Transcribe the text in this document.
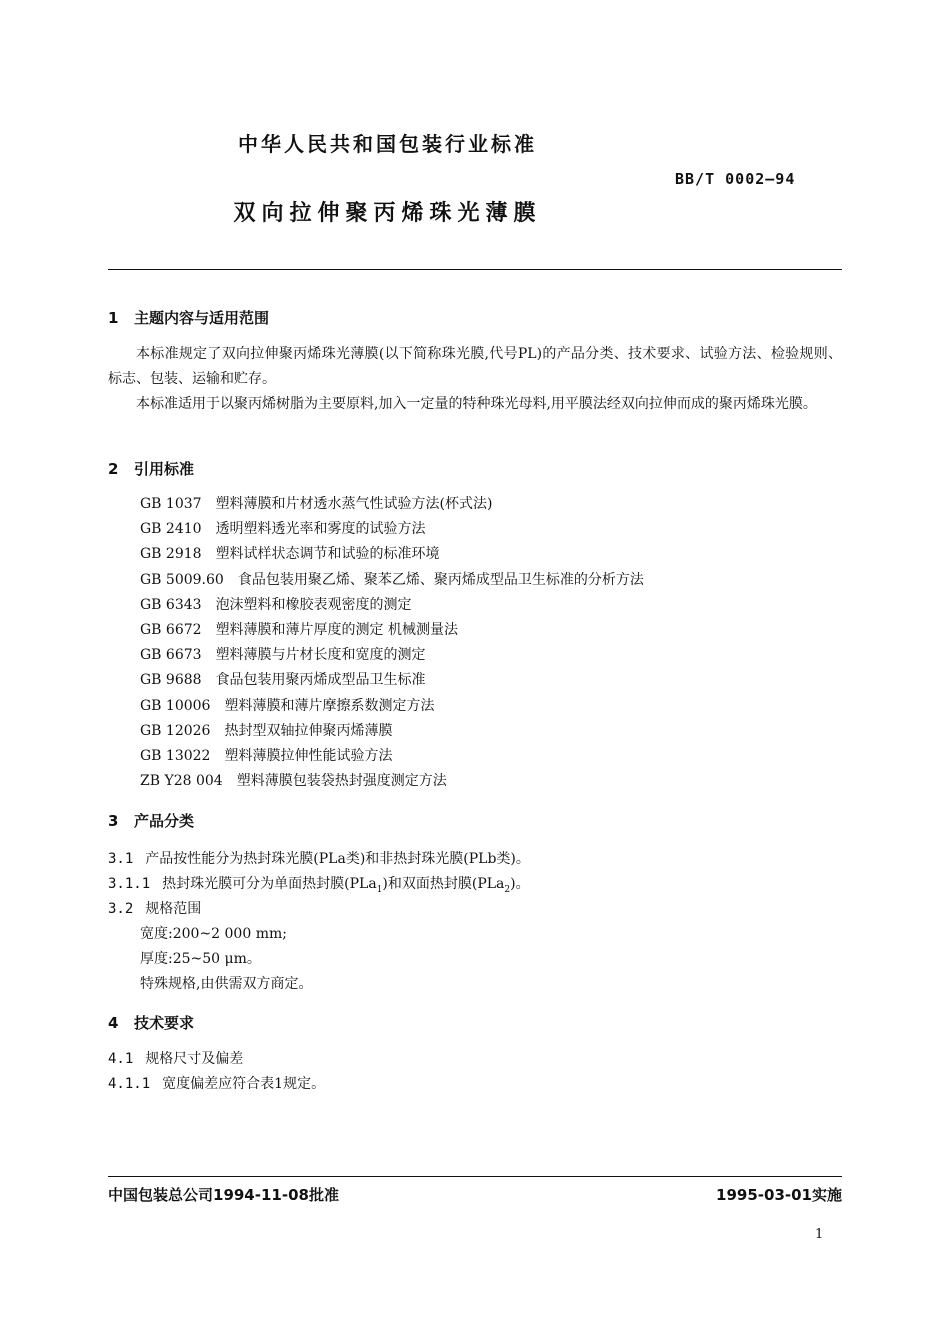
中华人民共和国包装行业标准
BB/T 0002—94
双向拉伸聚丙烯珠光薄膜
1 主题内容与适用范围

本标准规定了双向拉伸聚丙烯珠光薄膜(以下简称珠光膜,代号PL)的产品分类、技术要求、试验方法、检验规则、标志、包装、运输和贮存。

本标准适用于以聚丙烯树脂为主要原料,加入一定量的特种珠光母料,用平膜法经双向拉伸而成的聚丙烯珠光膜。

2 引用标准
GB 1037 塑料薄膜和片材透水蒸气性试验方法(杯式法)
GB 2410 透明塑料透光率和雾度的试验方法
GB 2918 塑料试样状态调节和试验的标准环境
GB 5009.60 食品包装用聚乙烯、聚苯乙烯、聚丙烯成型品卫生标准的分析方法
GB 6343 泡沫塑料和橡胶表观密度的测定
GB 6672 塑料薄膜和薄片厚度的测定 机械测量法
GB 6673 塑料薄膜与片材长度和宽度的测定
GB 9688 食品包装用聚丙烯成型品卫生标准
GB 10006 塑料薄膜和薄片摩擦系数测定方法
GB 12026 热封型双轴拉伸聚丙烯薄膜
GB 13022 塑料薄膜拉伸性能试验方法
ZB Y28 004 塑料薄膜包装袋热封强度测定方法
3 产品分类
3.1 产品按性能分为热封珠光膜(PLa类)和非热封珠光膜(PLb类)。
3.1.1 热封珠光膜可分为单面热封膜(PLa$_1$)和双面热封膜(PLa$_2$)。
3.2 规格范围
宽度:200~2 000 mm;
厚度:25~50 μm。
特殊规格,由供需双方商定。
4 技术要求
4.1 规格尺寸及偏差
4.1.1 宽度偏差应符合表1规定。
中国包装总公司1994-11-08批准	1995-03-01实施
1
